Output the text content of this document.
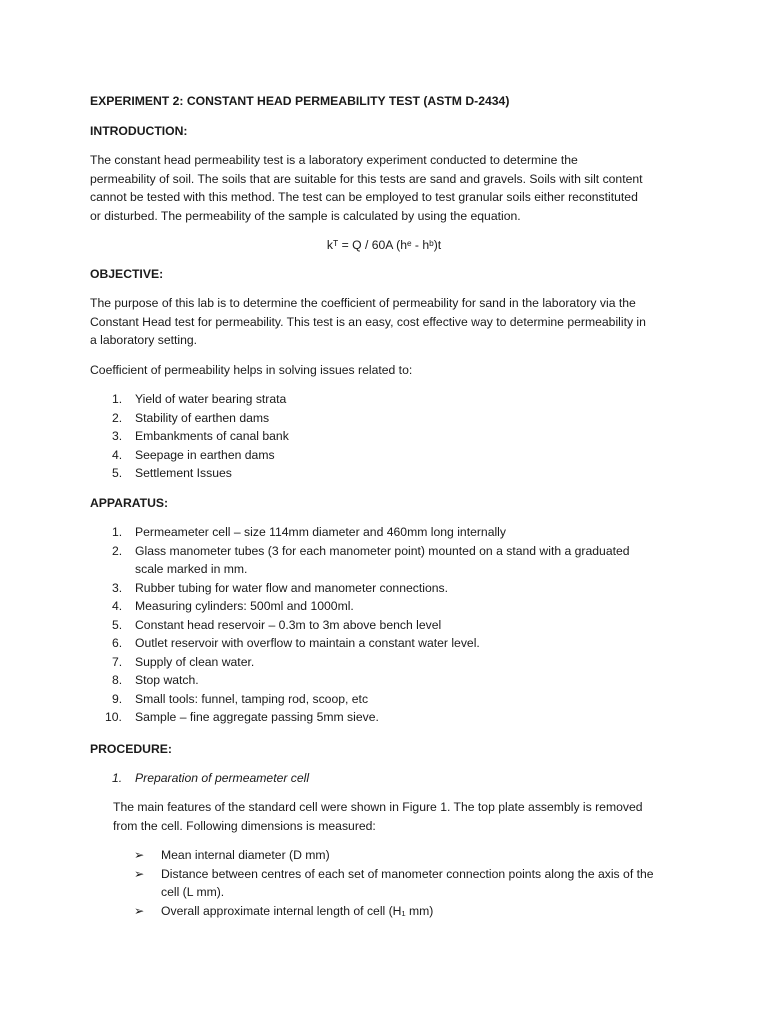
EXPERIMENT 2: CONSTANT HEAD PERMEABILITY TEST (ASTM D-2434)

INTRODUCTION:

The constant head permeability test is a laboratory experiment conducted to determine the
permeability of soil. The soils that are suitable for this tests are sand and gravels. Soils with silt content
cannot be tested with this method. The test can be employed to test granular soils either reconstituted
or disturbed. The permeability of the sample is calculated by using the equation.

kᵀ = Q / 60A (hᵉ - hᵇ)t

OBJECTIVE:

The purpose of this lab is to determine the coefficient of permeability for sand in the laboratory via the
Constant Head test for permeability. This test is an easy, cost effective way to determine permeability in
a laboratory setting.

Coefficient of permeability helps in solving issues related to:

1. Yield of water bearing strata
2. Stability of earthen dams
3. Embankments of canal bank
4. Seepage in earthen dams
5. Settlement Issues

APPARATUS:

1. Permeameter cell – size 114mm diameter and 460mm long internally
2. Glass manometer tubes (3 for each manometer point) mounted on a stand with a graduated
scale marked in mm.
3. Rubber tubing for water flow and manometer connections.
4. Measuring cylinders: 500ml and 1000ml.
5. Constant head reservoir – 0.3m to 3m above bench level
6. Outlet reservoir with overflow to maintain a constant water level.
7. Supply of clean water.
8. Stop watch.
9. Small tools: funnel, tamping rod, scoop, etc
10. Sample – fine aggregate passing 5mm sieve.

PROCEDURE:

1. Preparation of permeameter cell
The main features of the standard cell were shown in Figure 1. The top plate assembly is removed
from the cell. Following dimensions is measured:
➢ Mean internal diameter (D mm)
➢ Distance between centres of each set of manometer connection points along the axis of the
cell (L mm).
➢ Overall approximate internal length of cell (H₁ mm)
